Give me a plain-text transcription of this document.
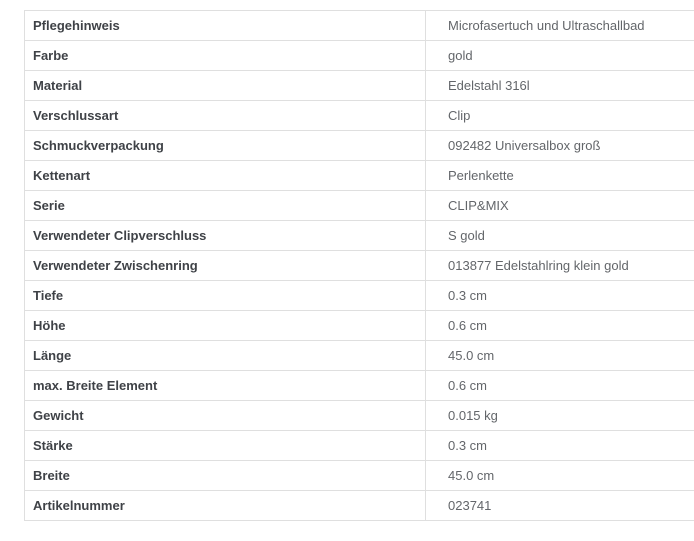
Pflegehinweis	Microfasertuch und Ultraschallbad
Farbe	gold
Material	Edelstahl 316l
Verschlussart	Clip
Schmuckverpackung	092482 Universalbox groß
Kettenart	Perlenkette
Serie	CLIP&MIX
Verwendeter Clipverschluss	S gold
Verwendeter Zwischenring	013877 Edelstahlring klein gold
Tiefe	0.3 cm
Höhe	0.6 cm
Länge	45.0 cm
max. Breite Element	0.6 cm
Gewicht	0.015 kg
Stärke	0.3 cm
Breite	45.0 cm
Artikelnummer	023741
